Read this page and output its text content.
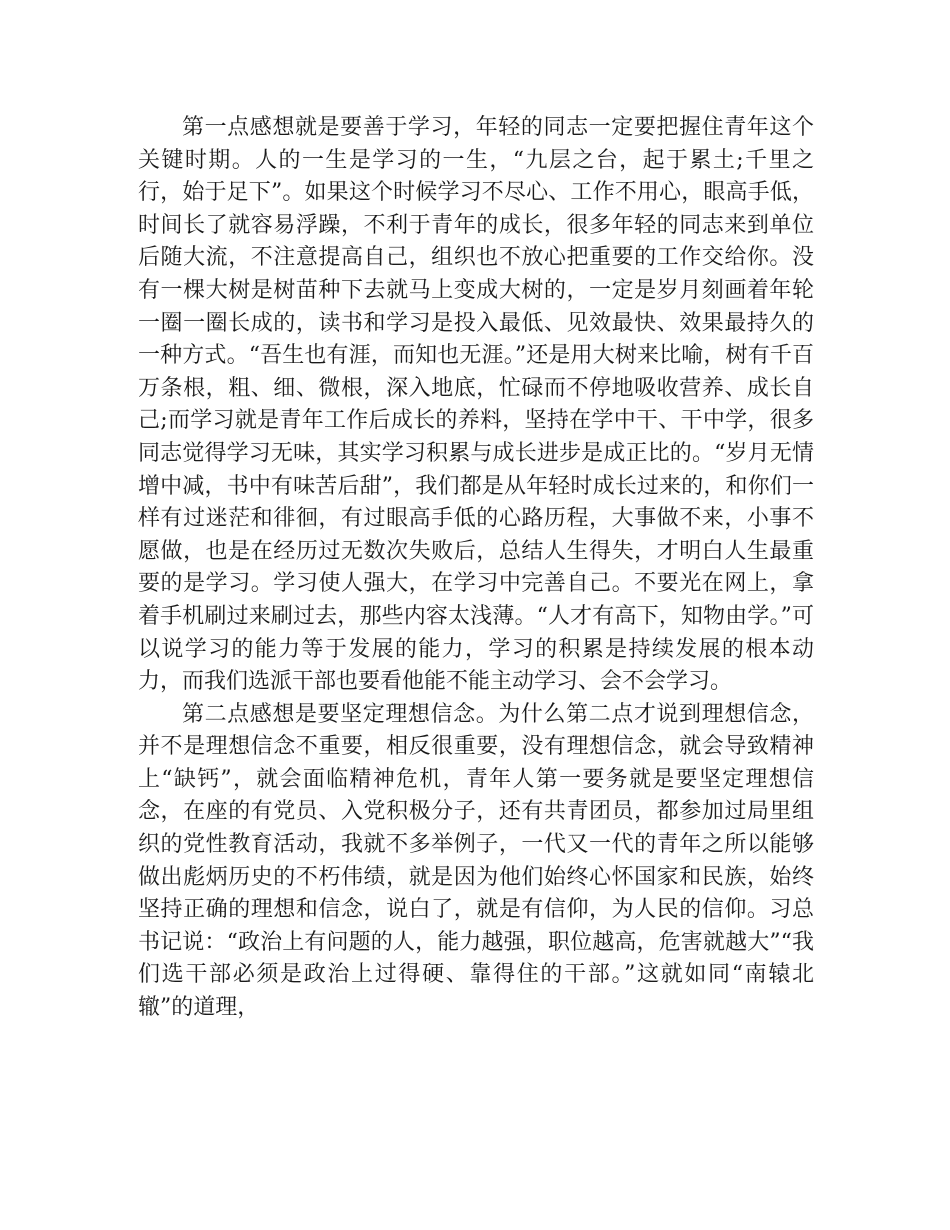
第一点感想就是要善于学习，年轻的同志一定要把握住青年这个关键时期。人的一生是学习的一生，“九层之台，起于累土;千里之行，始于足下”。如果这个时候学习不尽心、工作不用心，眼高手低，时间长了就容易浮躁，不利于青年的成长，很多年轻的同志来到单位后随大流，不注意提高自己，组织也不放心把重要的工作交给你。没有一棵大树是树苗种下去就马上变成大树的，一定是岁月刻画着年轮一圈一圈长成的，读书和学习是投入最低、见效最快、效果最持久的一种方式。“吾生也有涯，而知也无涯。”还是用大树来比喻，树有千百万条根，粗、细、微根，深入地底，忙碌而不停地吸收营养、成长自己;而学习就是青年工作后成长的养料，坚持在学中干、干中学，很多同志觉得学习无味，其实学习积累与成长进步是成正比的。“岁月无情增中减，书中有味苦后甜”，我们都是从年轻时成长过来的，和你们一样有过迷茫和徘徊，有过眼高手低的心路历程，大事做不来，小事不愿做，也是在经历过无数次失败后，总结人生得失，才明白人生最重要的是学习。学习使人强大，在学习中完善自己。不要光在网上，拿着手机刷过来刷过去，那些内容太浅薄。“人才有高下，知物由学。”可以说学习的能力等于发展的能力，学习的积累是持续发展的根本动力，而我们选派干部也要看他能不能主动学习、会不会学习。

第二点感想是要坚定理想信念。为什么第二点才说到理想信念，并不是理想信念不重要，相反很重要，没有理想信念，就会导致精神上“缺钙”，就会面临精神危机，青年人第一要务就是要坚定理想信念，在座的有党员、入党积极分子，还有共青团员，都参加过局里组织的党性教育活动，我就不多举例子，一代又一代的青年之所以能够做出彪炳历史的不朽伟绩，就是因为他们始终心怀国家和民族，始终坚持正确的理想和信念，说白了，就是有信仰，为人民的信仰。习总书记说：“政治上有问题的人，能力越强，职位越高，危害就越大”“我们选干部必须是政治上过得硬、靠得住的干部。”这就如同“南辕北辙”的道理，
